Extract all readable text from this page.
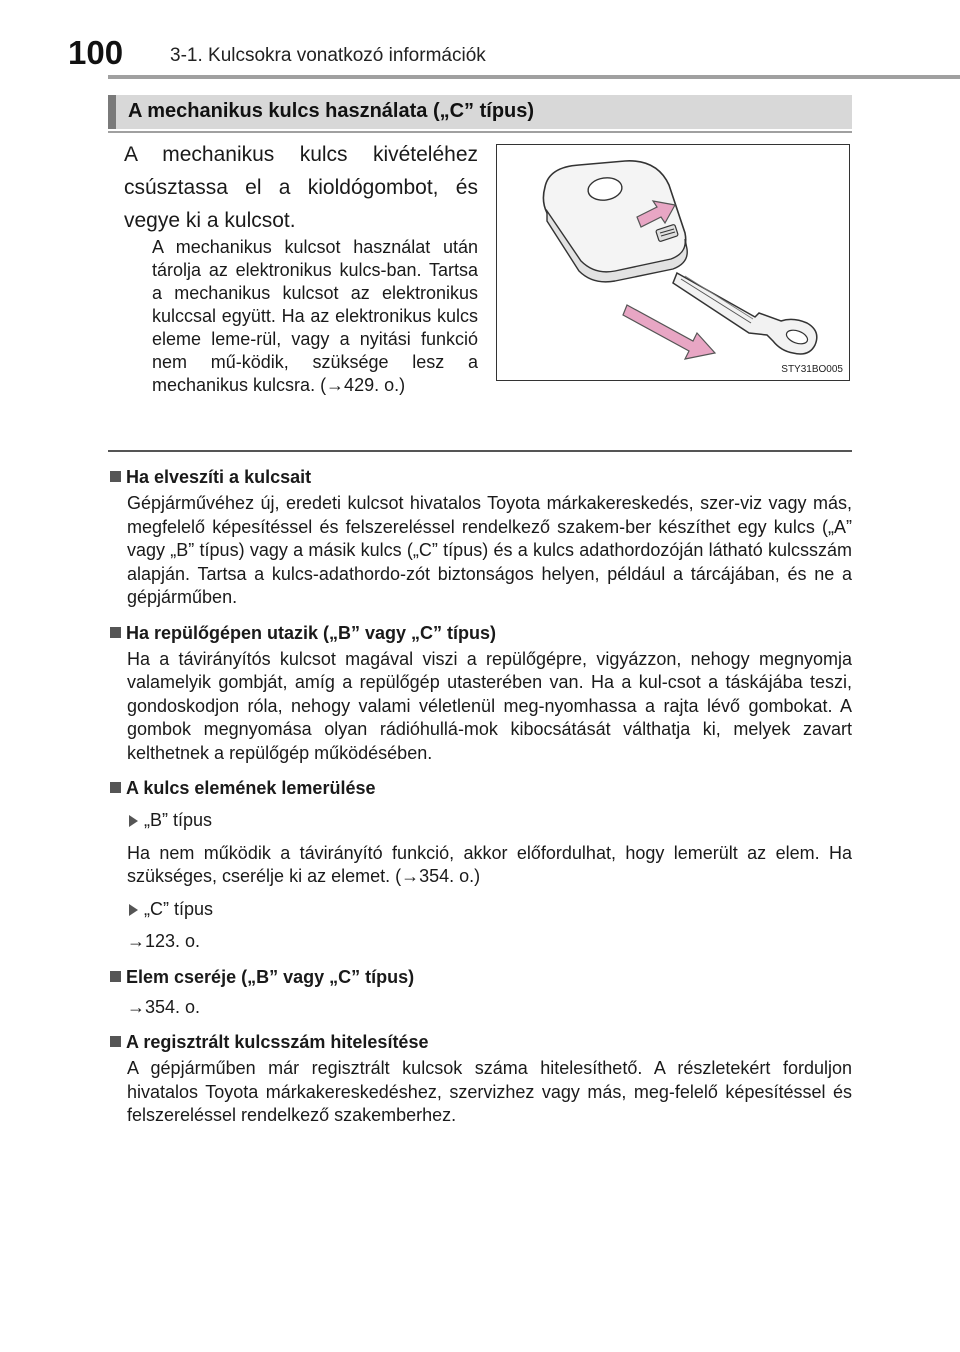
100 3-1. Kulcsokra vonatkozó információk
A mechanikus kulcs használata („C” típus)
A mechanikus kulcs kivételéhez csúsztassa el a kioldógombot, és vegye ki a kulcsot.
A mechanikus kulcsot használat után tárolja az elektronikus kulcs-ban. Tartsa a mechanikus kulcsot az elektronikus kulccsal együtt. Ha az elektronikus kulcs eleme leme-rül, vagy a nyitási funkció nem mű-ködik, szüksége lesz a mechanikus kulcsra. (→429. o.)
STY31BO005
Ha elveszíti a kulcsait
Gépjárművéhez új, eredeti kulcsot hivatalos Toyota márkakereskedés, szer-viz vagy más, megfelelő képesítéssel és felszereléssel rendelkező szakem-ber készíthet egy kulcs („A” vagy „B” típus) vagy a másik kulcs („C” típus) és a kulcs adathordozóján látható kulcsszám alapján. Tartsa a kulcs-adathordo-zót biztonságos helyen, például a tárcájában, és ne a gépjárműben.
Ha repülőgépen utazik („B” vagy „C” típus)
Ha a távirányítós kulcsot magával viszi a repülőgépre, vigyázzon, nehogy megnyomja valamelyik gombját, amíg a repülőgép utasterében van. Ha a kul-csot a táskájába teszi, gondoskodjon róla, nehogy valami véletlenül meg-nyomhassa a rajta lévő gombokat. A gombok megnyomása olyan rádióhullá-mok kibocsátását válthatja ki, melyek zavart kelthetnek a repülőgép működésében.
A kulcs elemének lemerülése
„B” típus
Ha nem működik a távirányító funkció, akkor előfordulhat, hogy lemerült az elem. Ha szükséges, cserélje ki az elemet. (→354. o.)
„C” típus
→123. o.
Elem cseréje („B” vagy „C” típus)
→354. o.
A regisztrált kulcsszám hitelesítése
A gépjárműben már regisztrált kulcsok száma hitelesíthető. A részletekért forduljon hivatalos Toyota márkakereskedéshez, szervizhez vagy más, meg-felelő képesítéssel és felszereléssel rendelkező szakemberhez.
